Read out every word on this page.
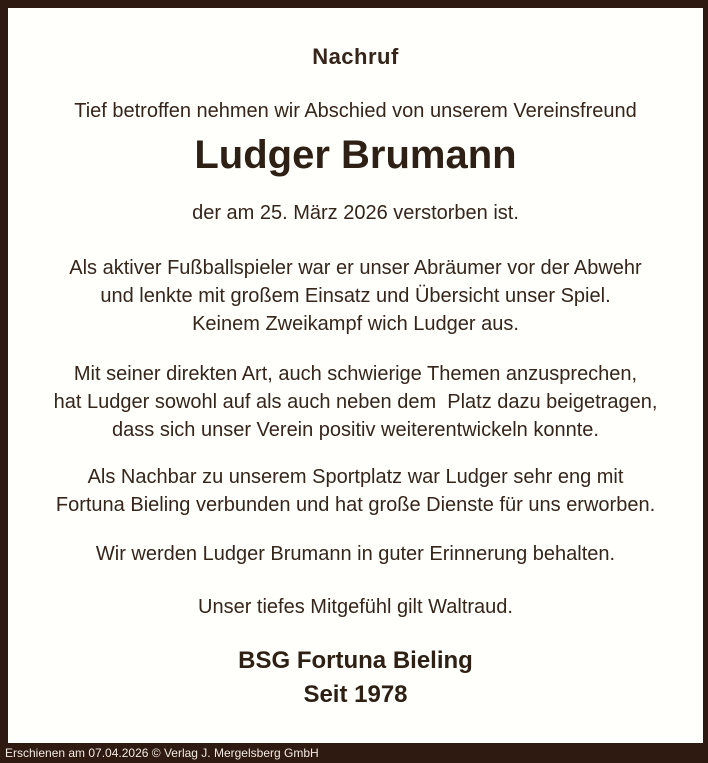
Nachruf
Tief betroffen nehmen wir Abschied von unserem Vereinsfreund
Ludger Brumann
der am 25. März 2026 verstorben ist.
Als aktiver Fußballspieler war er unser Abräumer vor der Abwehr
und lenkte mit großem Einsatz und Übersicht unser Spiel.
Keinem Zweikampf wich Ludger aus.
Mit seiner direkten Art, auch schwierige Themen anzusprechen,
hat Ludger sowohl auf als auch neben dem  Platz dazu beigetragen,
dass sich unser Verein positiv weiterentwickeln konnte.
Als Nachbar zu unserem Sportplatz war Ludger sehr eng mit
Fortuna Bieling verbunden und hat große Dienste für uns erworben.
Wir werden Ludger Brumann in guter Erinnerung behalten.
Unser tiefes Mitgefühl gilt Waltraud.
BSG Fortuna Bieling
Seit 1978
Erschienen am 07.04.2026 © Verlag J. Mergelsberg GmbH
